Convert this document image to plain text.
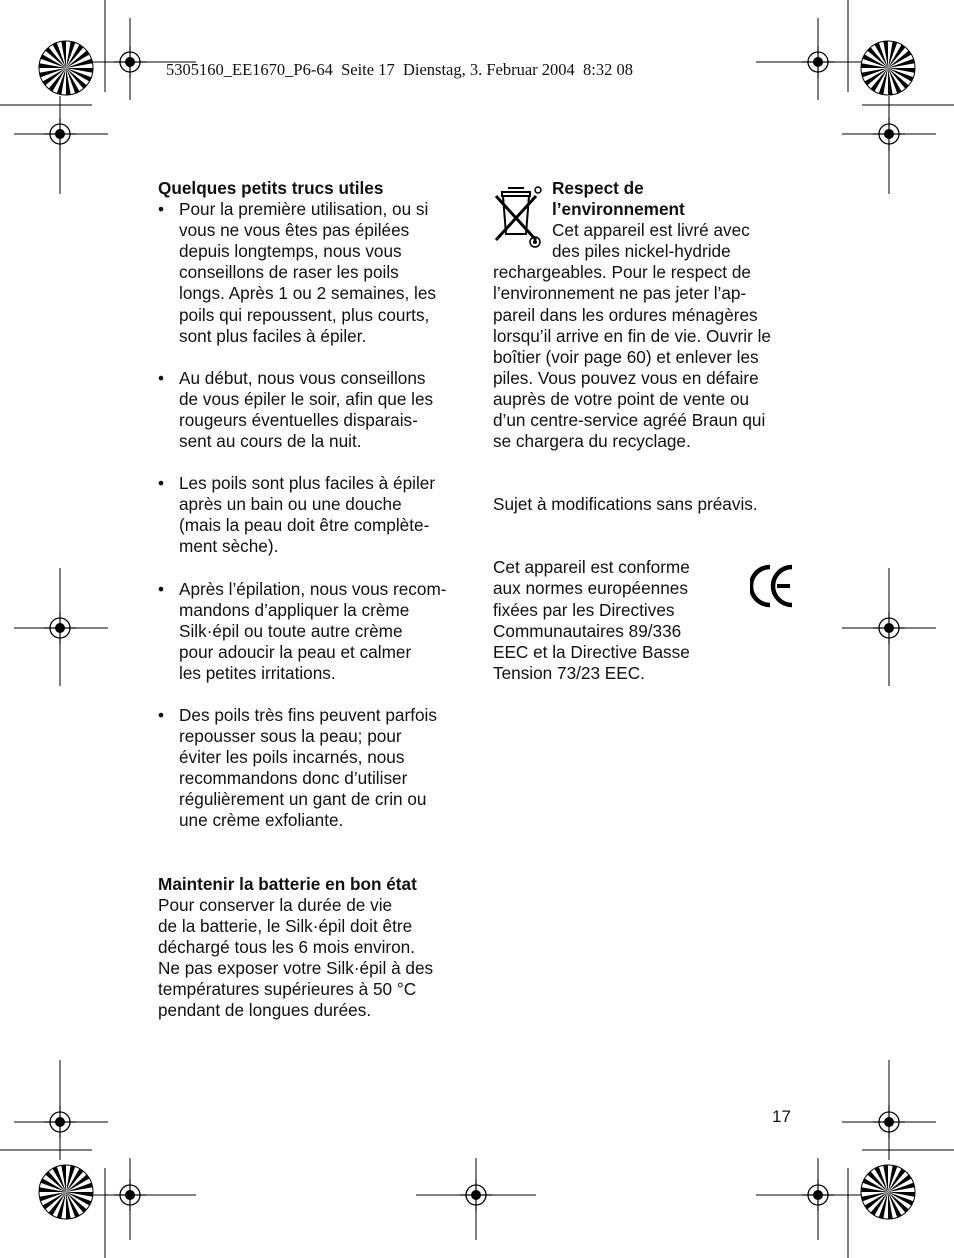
5305160_EE1670_P6-64  Seite 17  Dienstag, 3. Februar 2004  8:32 08

Quelques petits trucs utiles

• Pour la première utilisation, ou si

vous ne vous êtes pas épilées

depuis longtemps, nous vous

conseillons de raser les poils

longs. Après 1 ou 2 semaines, les

poils qui repoussent, plus courts,

sont plus faciles à épiler.

• Au début, nous vous conseillons

de vous épiler le soir, afin que les

rougeurs éventuelles disparais-

sent au cours de la nuit.

• Les poils sont plus faciles à épiler

après un bain ou une douche

(mais la peau doit être complète-

ment sèche).

• Après l’épilation, nous vous recom-

mandons d’appliquer la crème

Silk·épil ou toute autre crème

pour adoucir la peau et calmer

les petites irritations.

• Des poils très fins peuvent parfois

repousser sous la peau; pour

éviter les poils incarnés, nous

recommandons donc d’utiliser

régulièrement un gant de crin ou

une crème exfoliante.

Maintenir la batterie en bon état

Pour conserver la durée de vie

de la batterie, le Silk·épil doit être

déchargé tous les 6 mois environ.

Ne pas exposer votre Silk·épil à des

températures supérieures à 50 °C

pendant de longues durées.

Respect de

l’environnement

Cet appareil est livré avec

des piles nickel-hydride

rechargeables. Pour le respect de

l’environnement ne pas jeter l’ap-

pareil dans les ordures ménagères

lorsqu’il arrive en fin de vie. Ouvrir le

boîtier (voir page 60) et enlever les

piles. Vous pouvez vous en défaire

auprès de votre point de vente ou

d’un centre-service agréé Braun qui

se chargera du recyclage.

Sujet à modifications sans préavis.

Cet appareil est conforme

aux normes européennes

fixées par les Directives

Communautaires 89/336

EEC et la Directive Basse

Tension 73/23 EEC.

17
